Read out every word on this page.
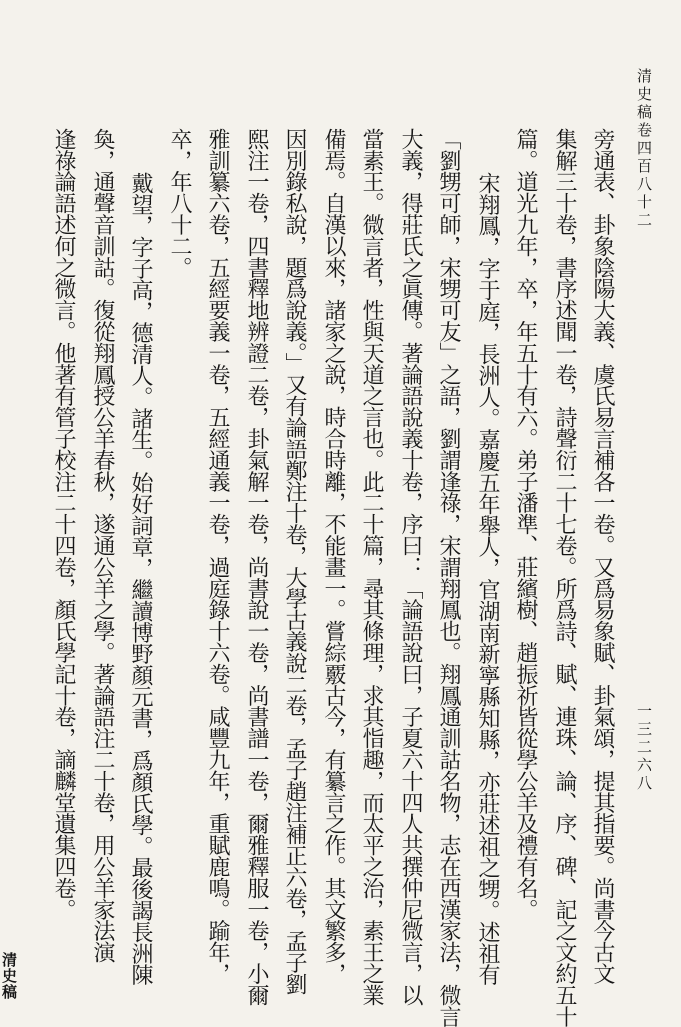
清史稿卷四百八十二
一三二六八
清史稿
旁通表、卦象陰陽大義、虞氏易言補各一卷。又爲易象賦、卦氣頌，提其指要。尚書今古文
集解三十卷，書序述聞一卷，詩聲衍二十七卷。所爲詩、賦、連珠、論、序、碑、記之文約五十
篇。道光九年，卒，年五十有六。弟子潘準、莊繽樹、趙振祈皆從學公羊及禮有名。
宋翔鳳，字于庭，長洲人。嘉慶五年舉人，官湖南新寧縣知縣，亦莊述祖之甥。述祖有
「劉甥可師，宋甥可友」之語，劉謂逢祿，宋謂翔鳳也。翔鳳通訓詁名物，志在西漢家法，微言
大義，得莊氏之眞傳。著論語說義十卷，序曰：「論語說曰，子夏六十四人共撰仲尼微言，以
當素王。微言者，性與天道之言也。此二十篇，尋其條理，求其恉趣，而太平之治，素王之業
備焉。自漢以來，諸家之說，時合時離，不能畫一。嘗綜覈古今，有纂言之作。其文繁多，
因別錄私說，題爲說義。」又有論語鄭注十卷，大學古義說二卷，孟子趙注補正六卷，孟子劉
熙注一卷，四書釋地辨證二卷，卦氣解一卷，尚書說一卷，尚書譜一卷，爾雅釋服一卷，小爾
雅訓纂六卷，五經要義一卷，五經通義一卷，過庭錄十六卷。咸豐九年，重賦鹿鳴。踰年，
卒，年八十二。
戴望，字子高，德清人。諸生。始好詞章，繼讀博野顏元書，爲顏氏學。最後謁長洲陳
奐，通聲音訓詁。復從翔鳳授公羊春秋，遂通公羊之學。著論語注二十卷，用公羊家法演
逢祿論語述何之微言。他著有管子校注二十四卷，顏氏學記十卷，謫麟堂遺集四卷。
